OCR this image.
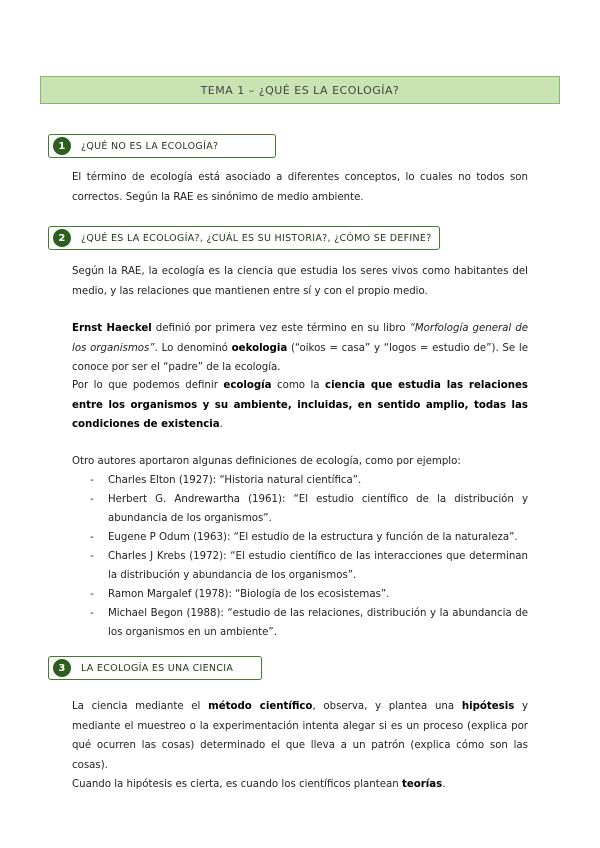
TEMA 1 – ¿QUÉ ES LA ECOLOGÍA?
1	¿QUÉ NO ES LA ECOLOGÍA?

El término de ecología está asociado a diferentes conceptos, lo cuales no todos son correctos. Según la RAE es sinónimo de medio ambiente.

2	¿QUÉ ES LA ECOLOGÍA?, ¿CUÁL ES SU HISTORIA?, ¿CÓMO SE DEFINE?

Según la RAE, la ecología es la ciencia que estudia los seres vivos como habitantes del medio, y las relaciones que mantienen entre sí y con el propio medio.

Ernst Haeckel definió por primera vez este término en su libro “Morfología general de los organismos”. Lo denominó oekologia (“oikos = casa” y “logos = estudio de”). Se le conoce por ser el “padre” de la ecología.

Por lo que podemos definir ecología como la ciencia que estudia las relaciones entre los organismos y su ambiente, incluidas, en sentido amplio, todas las condiciones de existencia.

Otro autores aportaron algunas definiciones de ecología, como por ejemplo:

- Charles Elton (1927): “Historia natural científica”.
- Herbert G. Andrewartha (1961): “El estudio científico de la distribución y abundancia de los organismos”.
- Eugene P Odum (1963): “El estudio de la estructura y función de la naturaleza”.
- Charles J Krebs (1972): “El estudio científico de las interacciones que determinan la distribución y abundancia de los organismos”.
- Ramon Margalef (1978): “Biología de los ecosistemas”.
- Michael Begon (1988): “estudio de las relaciones, distribución y la abundancia de los organismos en un ambiente”.
3	LA ECOLOGÍA ES UNA CIENCIA

La ciencia mediante el método científico, observa, y plantea una hipótesis y mediante el muestreo o la experimentación intenta alegar si es un proceso (explica por qué ocurren las cosas) determinado el que lleva a un patrón (explica cómo son las cosas).
Cuando la hipótesis es cierta, es cuando los científicos plantean teorías.
